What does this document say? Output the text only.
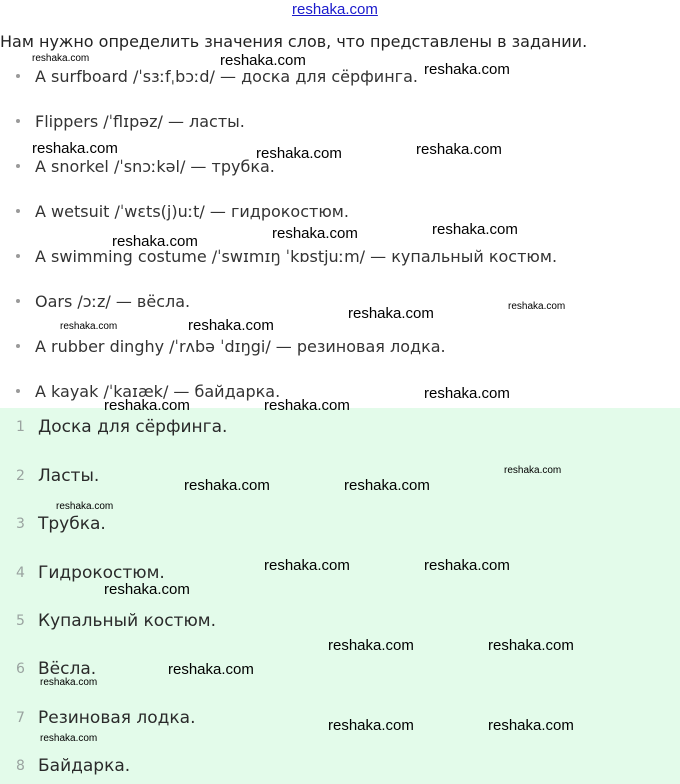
reshaka.com
Нам нужно определить значения слов, что представлены в задании.
A surfboard /ˈsɜːfˌbɔːd/ — доска для сёрфинга.
Flippers /ˈflɪpəz/ — ласты.
A snorkel /ˈsnɔːkəl/ — трубка.
A wetsuit /ˈwɛts(j)uːt/ — гидрокостюм.
A swimming costume /ˈswɪmɪŋ ˈkɒstjuːm/ — купальный костюм.
Oars /ɔːz/ — вёсла.
A rubber dinghy /ˈrʌbə ˈdɪŋgi/ — резиновая лодка.
A kayak /ˈkaɪæk/ — байдарка.
1 Доска для сёрфинга.
2 Ласты.
3 Трубка.
4 Гидрокостюм.
5 Купальный костюм.
6 Вёсла.
7 Резиновая лодка.
8 Байдарка.
reshaka.com	reshaka.com
reshaka.com
reshaka.com	reshaka.com	reshaka.com
reshaka.com
reshaka.com
reshaka.com
reshaka.com
reshaka.com
reshaka.com
reshaka.com
reshaka.com
reshaka.com
reshaka.com
reshaka.com
reshaka.com
reshaka.com
reshaka.com
reshaka.com
reshaka.com
reshaka.com
reshaka.com
reshaka.com
reshaka.com
reshaka.com
reshaka.com
reshaka.com
reshaka.com
